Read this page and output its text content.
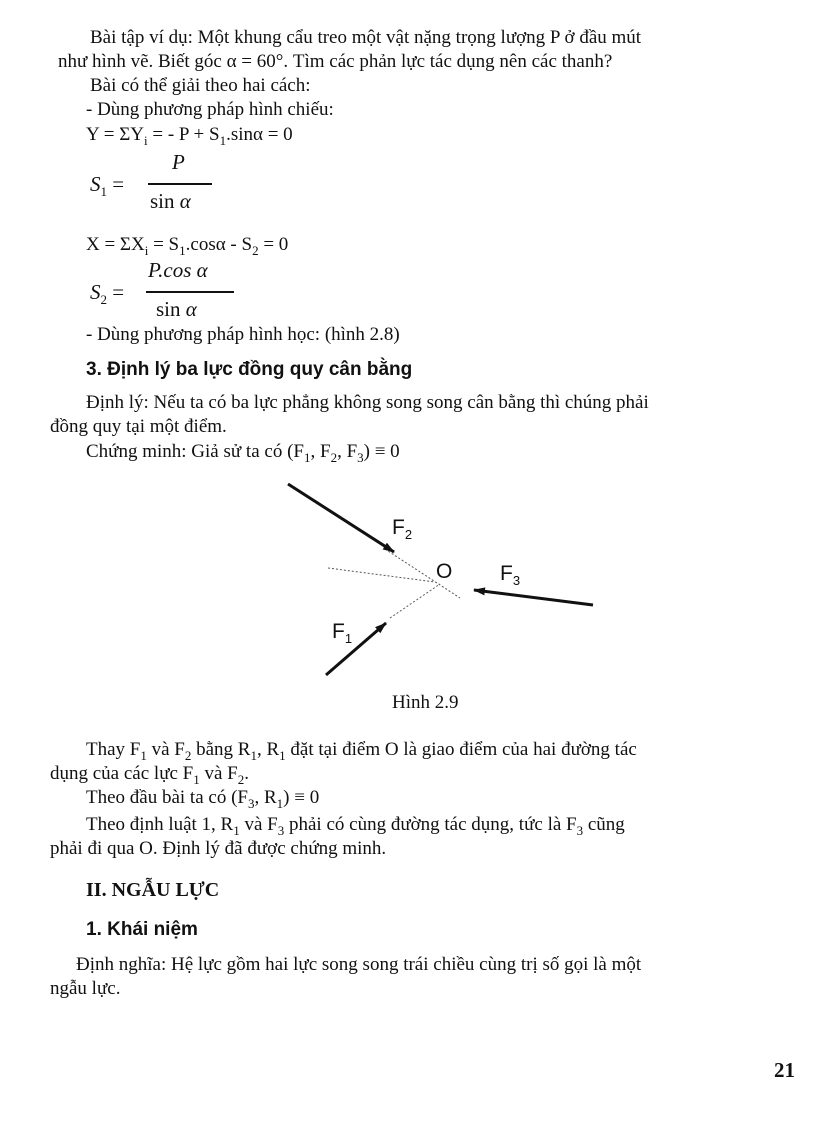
Bài tập ví dụ: Một khung cẩu treo một vật nặng trọng lượng P ở đầu mút
như hình vẽ. Biết góc α = 60°. Tìm các phản lực tác dụng nên các thanh?
Bài có thể giải theo hai cách:
- Dùng phương pháp hình chiếu:
$Y = \Sigma Y_i$ = - $P + S_1.\sin\alpha = 0$
$S_1$ =
P
sin α
$X = \Sigma X_i = S_1.\cos\alpha - S_2 = 0$
$S_2$ =
P.cos α
sin α
- Dùng phương pháp hình học: (hình 2.8)
3. Định lý ba lực đồng quy cân bằng
Định lý: Nếu ta có ba lực phẳng không song song cân bằng thì chúng phải
đồng quy tại một điểm.
Chứng minh: Giả sử ta có ($F_1$, $F_2$, $F_3) \equiv 0$
$F_2$
O $F_3$
$F_1$
Hình 2.9
Thay $F_1$ và $F_2$ bằng $R_1$, $R_1$ đặt tại điểm O là giao điểm của hai đường tác
dụng của các lực $F_1$ và $F_2$.
Theo đầu bài ta có ($F_3$, $R_1) \equiv 0$
Theo định luật 1, $R_1$ và $F_3$ phải có cùng đường tác dụng, tức là $F_3$ cũng
phải đi qua O. Định lý đã được chứng minh.
II. NGẪU LỰC
1. Khái niệm
Định nghĩa: Hệ lực gồm hai lực song song trái chiều cùng trị số gọi là một
ngẫu lực.
21
